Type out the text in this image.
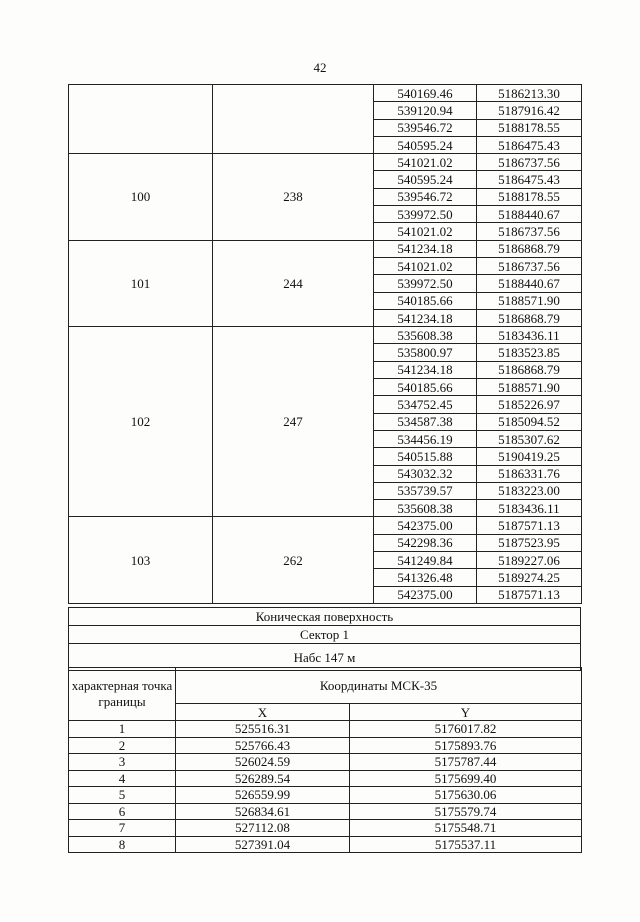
42
		540169.46	5186213.30
		539120.94	5187916.42
		539546.72	5188178.55
		540595.24	5186475.43
100	238	541021.02	5186737.56
		540595.24	5186475.43
		539546.72	5188178.55
		539972.50	5188440.67
		541021.02	5186737.56
101	244	541234.18	5186868.79
		541021.02	5186737.56
		539972.50	5188440.67
		540185.66	5188571.90
		541234.18	5186868.79
102	247	535608.38	5183436.11
		535800.97	5183523.85
		541234.18	5186868.79
		540185.66	5188571.90
		534752.45	5185226.97
		534587.38	5185094.52
		534456.19	5185307.62
		540515.88	5190419.25
		543032.32	5186331.76
		535739.57	5183223.00
		535608.38	5183436.11
103	262	542375.00	5187571.13
		542298.36	5187523.95
		541249.84	5189227.06
		541326.48	5189274.25
		542375.00	5187571.13
Коническая поверхность
Сектор 1
Набс 147 м
характерная точка границы	Координаты МСК-35	
	X	Y
1	525516.31	5176017.82
2	525766.43	5175893.76
3	526024.59	5175787.44
4	526289.54	5175699.40
5	526559.99	5175630.06
6	526834.61	5175579.74
7	527112.08	5175548.71
8	527391.04	5175537.11
